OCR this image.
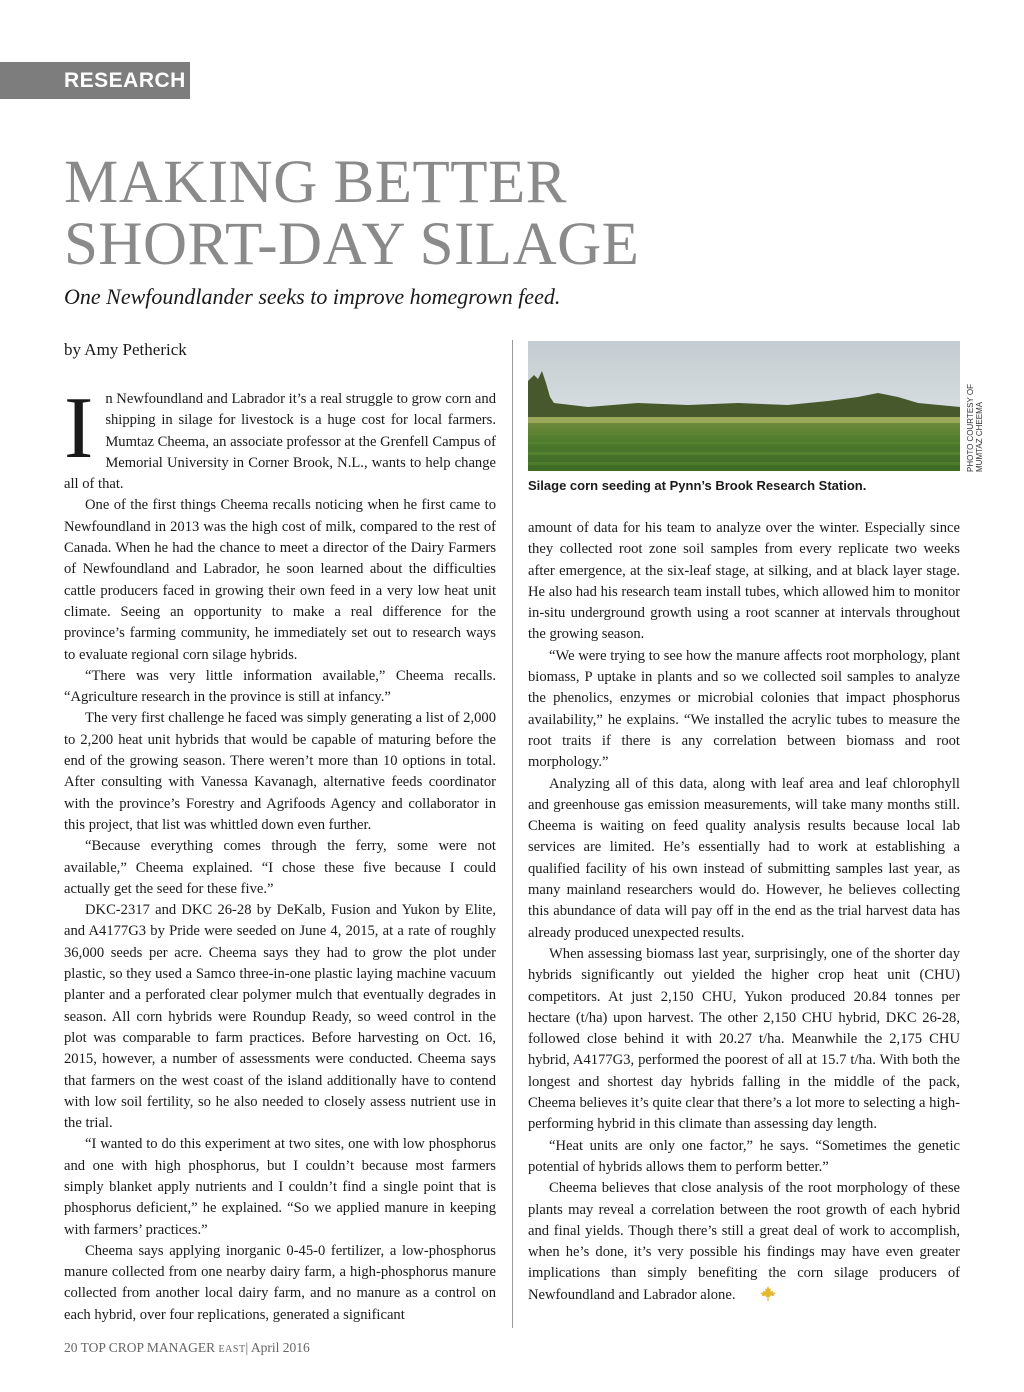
RESEARCH
MAKING BETTER
SHORT-DAY SILAGE
One Newfoundlander seeks to improve homegrown feed.
by Amy Petherick

In Newfoundland and Labrador it’s a real struggle to grow corn and shipping in silage for livestock is a huge cost for local farmers. Mumtaz Cheema, an associate professor at the Grenfell Campus of Memorial University in Corner Brook, N.L., wants to help change all of that.

One of the first things Cheema recalls noticing when he first came to Newfoundland in 2013 was the high cost of milk, compared to the rest of Canada. When he had the chance to meet a director of the Dairy Farmers of Newfoundland and Labrador, he soon learned about the difficulties cattle producers faced in growing their own feed in a very low heat unit climate. Seeing an opportunity to make a real difference for the province’s farming community, he immediately set out to research ways to evaluate regional corn silage hybrids.

“There was very little information available,” Cheema recalls. “Agriculture research in the province is still at infancy.”

The very first challenge he faced was simply generating a list of 2,000 to 2,200 heat unit hybrids that would be capable of maturing before the end of the growing season. There weren’t more than 10 options in total. After consulting with Vanessa Kavanagh, alternative feeds coordinator with the province’s Forestry and Agrifoods Agency and collaborator in this project, that list was whittled down even further.

“Because everything comes through the ferry, some were not available,” Cheema explained. “I chose these five because I could actually get the seed for these five.”

DKC-2317 and DKC 26-28 by DeKalb, Fusion and Yukon by Elite, and A4177G3 by Pride were seeded on June 4, 2015, at a rate of roughly 36,000 seeds per acre. Cheema says they had to grow the plot under plastic, so they used a Samco three-in-one plastic laying machine vacuum planter and a perforated clear polymer mulch that eventually degrades in season. All corn hybrids were Roundup Ready, so weed control in the plot was comparable to farm practices. Before harvesting on Oct. 16, 2015, however, a number of assessments were conducted. Cheema says that farmers on the west coast of the island additionally have to contend with low soil fertility, so he also needed to closely assess nutrient use in the trial.

“I wanted to do this experiment at two sites, one with low phosphorus and one with high phosphorus, but I couldn’t because most farmers simply blanket apply nutrients and I couldn’t find a single point that is phosphorus deficient,” he explained. “So we applied manure in keeping with farmers’ practices.”

Cheema says applying inorganic 0-45-0 fertilizer, a low-phosphorus manure collected from one nearby dairy farm, a high-phosphorus manure collected from another local dairy farm, and no manure as a control on each hybrid, over four replications, generated a significant

PHOTO COURTESY OF MUMTAZ CHEEMA
Silage corn seeding at Pynn’s Brook Research Station.

amount of data for his team to analyze over the winter. Especially since they collected root zone soil samples from every replicate two weeks after emergence, at the six-leaf stage, at silking, and at black layer stage. He also had his research team install tubes, which allowed him to monitor in-situ underground growth using a root scanner at intervals throughout the growing season.

“We were trying to see how the manure affects root morphology, plant biomass, P uptake in plants and so we collected soil samples to analyze the phenolics, enzymes or microbial colonies that impact phosphorus availability,” he explains. “We installed the acrylic tubes to measure the root traits if there is any correlation between biomass and root morphology.”

Analyzing all of this data, along with leaf area and leaf chlorophyll and greenhouse gas emission measurements, will take many months still. Cheema is waiting on feed quality analysis results because local lab services are limited. He’s essentially had to work at establishing a qualified facility of his own instead of submitting samples last year, as many mainland researchers would do. However, he believes collecting this abundance of data will pay off in the end as the trial harvest data has already produced unexpected results.

When assessing biomass last year, surprisingly, one of the shorter day hybrids significantly out yielded the higher crop heat unit (CHU) competitors. At just 2,150 CHU, Yukon produced 20.84 tonnes per hectare (t/ha) upon harvest. The other 2,150 CHU hybrid, DKC 26-28, followed close behind it with 20.27 t/ha. Meanwhile the 2,175 CHU hybrid, A4177G3, performed the poorest of all at 15.7 t/ha. With both the longest and shortest day hybrids falling in the middle of the pack, Cheema believes it’s quite clear that there’s a lot more to selecting a high-performing hybrid in this climate than assessing day length.

“Heat units are only one factor,” he says. “Sometimes the genetic potential of hybrids allows them to perform better.”

Cheema believes that close analysis of the root morphology of these plants may reveal a correlation between the root growth of each hybrid and final yields. Though there’s still a great deal of work to accomplish, when he’s done, it’s very possible his findings may have even greater implications than simply benefiting the corn silage producers of Newfoundland and Labrador alone.

20 TOP CROP MANAGER EAST| April 2016
